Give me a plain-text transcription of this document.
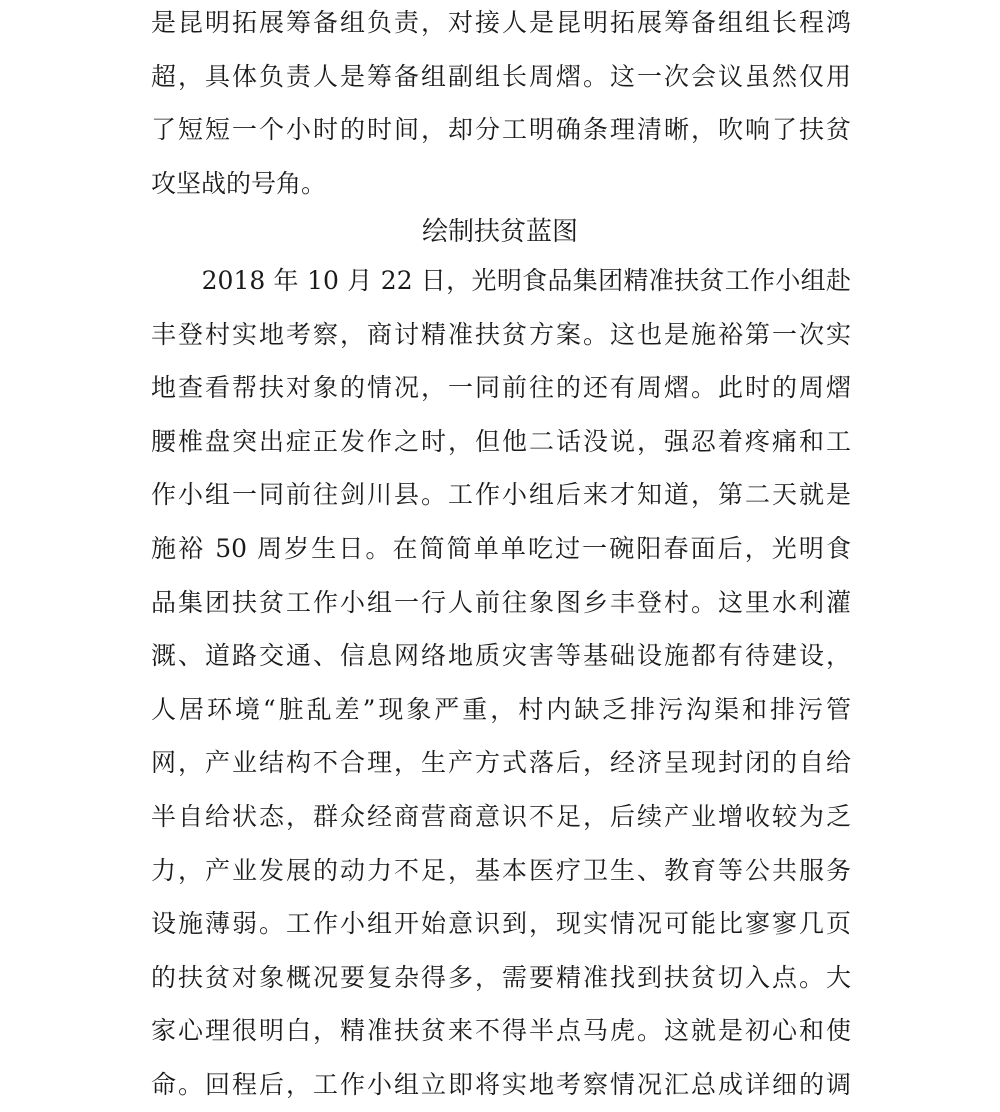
是昆明拓展筹备组负责，对接人是昆明拓展筹备组组长程鸿
超，具体负责人是筹备组副组长周熠。这一次会议虽然仅用
了短短一个小时的时间，却分工明确条理清晰，吹响了扶贫
攻坚战的号角。
绘制扶贫蓝图
　　2018 年 10 月 22 日，光明食品集团精准扶贫工作小组赴
丰登村实地考察，商讨精准扶贫方案。这也是施裕第一次实
地查看帮扶对象的情况，一同前往的还有周熠。此时的周熠
腰椎盘突出症正发作之时，但他二话没说，强忍着疼痛和工
作小组一同前往剑川县。工作小组后来才知道，第二天就是
施裕 50 周岁生日。在简简单单吃过一碗阳春面后，光明食
品集团扶贫工作小组一行人前往象图乡丰登村。这里水利灌
溉、道路交通、信息网络地质灾害等基础设施都有待建设，
人居环境“脏乱差”现象严重，村内缺乏排污沟渠和排污管
网，产业结构不合理，生产方式落后，经济呈现封闭的自给
半自给状态，群众经商营商意识不足，后续产业增收较为乏
力，产业发展的动力不足，基本医疗卫生、教育等公共服务
设施薄弱。工作小组开始意识到，现实情况可能比寥寥几页
的扶贫对象概况要复杂得多，需要精准找到扶贫切入点。大
家心理很明白，精准扶贫来不得半点马虎。这就是初心和使
命。回程后，工作小组立即将实地考察情况汇总成详细的调
